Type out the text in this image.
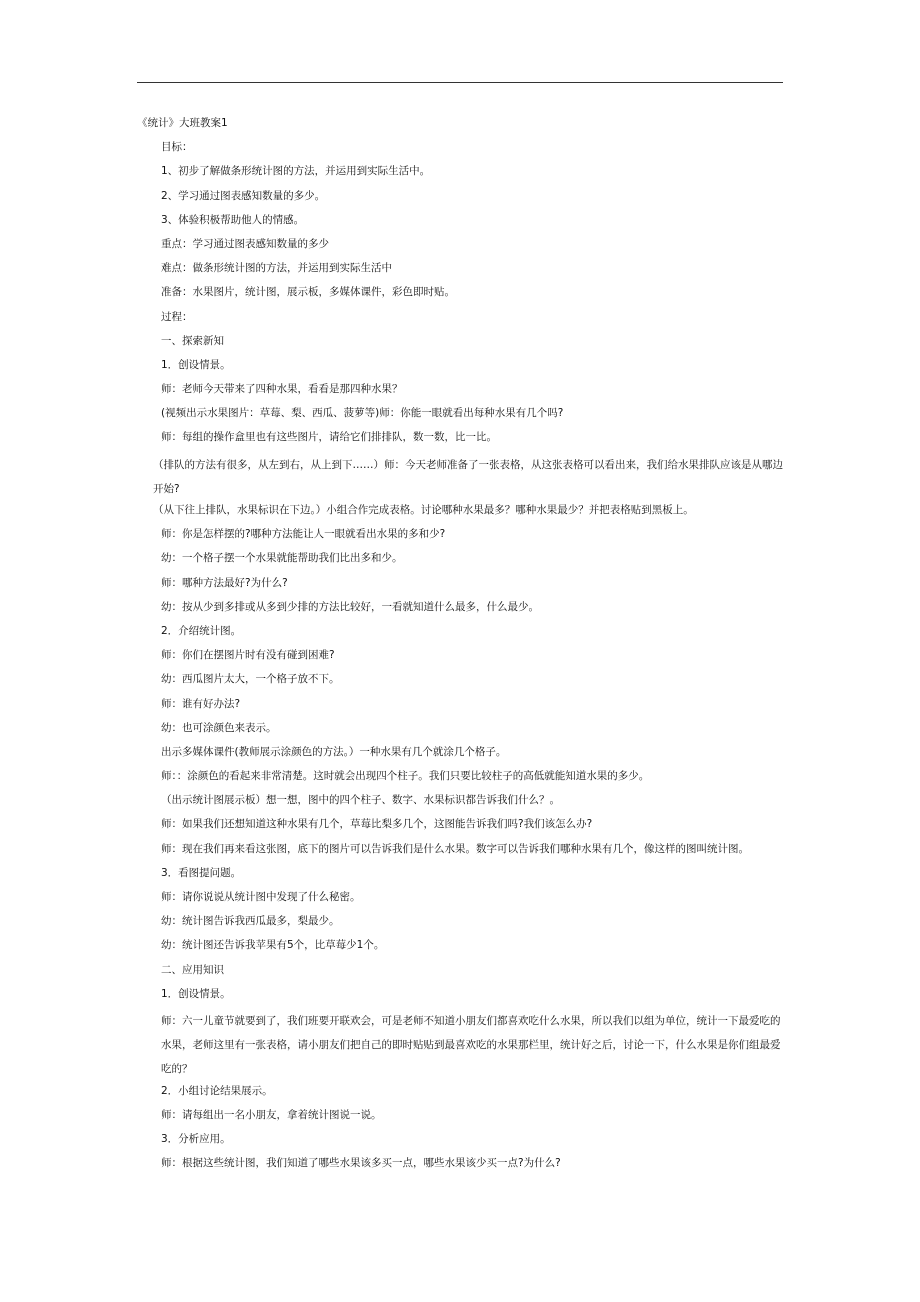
《统计》大班教案1
目标：
1、初步了解做条形统计图的方法，并运用到实际生活中。
2、学习通过图表感知数量的多少。
3、体验积极帮助他人的情感。
重点：学习通过图表感知数量的多少
难点：做条形统计图的方法，并运用到实际生活中
准备：水果图片，统计图，展示板，多媒体课件，彩色即时贴。
过程：
一、探索新知
1．创设情景。
师：老师今天带来了四种水果，看看是那四种水果？
(视频出示水果图片：草莓、梨、西瓜、菠萝等)师：你能一眼就看出每种水果有几个吗?
师：每组的操作盒里也有这些图片，请给它们排排队，数一数，比一比。
（排队的方法有很多，从左到右，从上到下……）师：今天老师准备了一张表格，从这张表格可以看出来，我们给水果排队应该是从哪边开始?
（从下往上排队，水果标识在下边。）小组合作完成表格。讨论哪种水果最多？哪种水果最少？并把表格贴到黑板上。
师：你是怎样摆的?哪种方法能让人一眼就看出水果的多和少?
幼：一个格子摆一个水果就能帮助我们比出多和少。
师：哪种方法最好?为什么?
幼：按从少到多排或从多到少排的方法比较好，一看就知道什么最多，什么最少。
2．介绍统计图。
师：你们在摆图片时有没有碰到困难?
幼：西瓜图片太大，一个格子放不下。
师：谁有好办法?
幼：也可涂颜色来表示。
出示多媒体课件(教师展示涂颜色的方法。）一种水果有几个就涂几个格子。
师：：涂颜色的看起来非常清楚。这时就会出现四个柱子。我们只要比较柱子的高低就能知道水果的多少。
（出示统计图展示板）想一想，图中的四个柱子、数字、水果标识都告诉我们什么？。
师：如果我们还想知道这种水果有几个，草莓比梨多几个，这图能告诉我们吗?我们该怎么办?
师：现在我们再来看这张图，底下的图片可以告诉我们是什么水果。数字可以告诉我们哪种水果有几个，像这样的图叫统计图。
3．看图提问题。
师：请你说说从统计图中发现了什么秘密。
幼：统计图告诉我西瓜最多，梨最少。
幼：统计图还告诉我苹果有5个，比草莓少1个。
二、应用知识
1．创设情景。
师：六一儿童节就要到了，我们班要开联欢会，可是老师不知道小朋友们都喜欢吃什么水果，所以我们以组为单位，统计一下最爱吃的水果，老师这里有一张表格，请小朋友们把自己的即时贴贴到最喜欢吃的水果那栏里，统计好之后，讨论一下，什么水果是你们组最爱吃的？
2．小组讨论结果展示。
师：请每组出一名小朋友，拿着统计图说一说。
3．分析应用。
师：根据这些统计图，我们知道了哪些水果该多买一点，哪些水果该少买一点?为什么?
